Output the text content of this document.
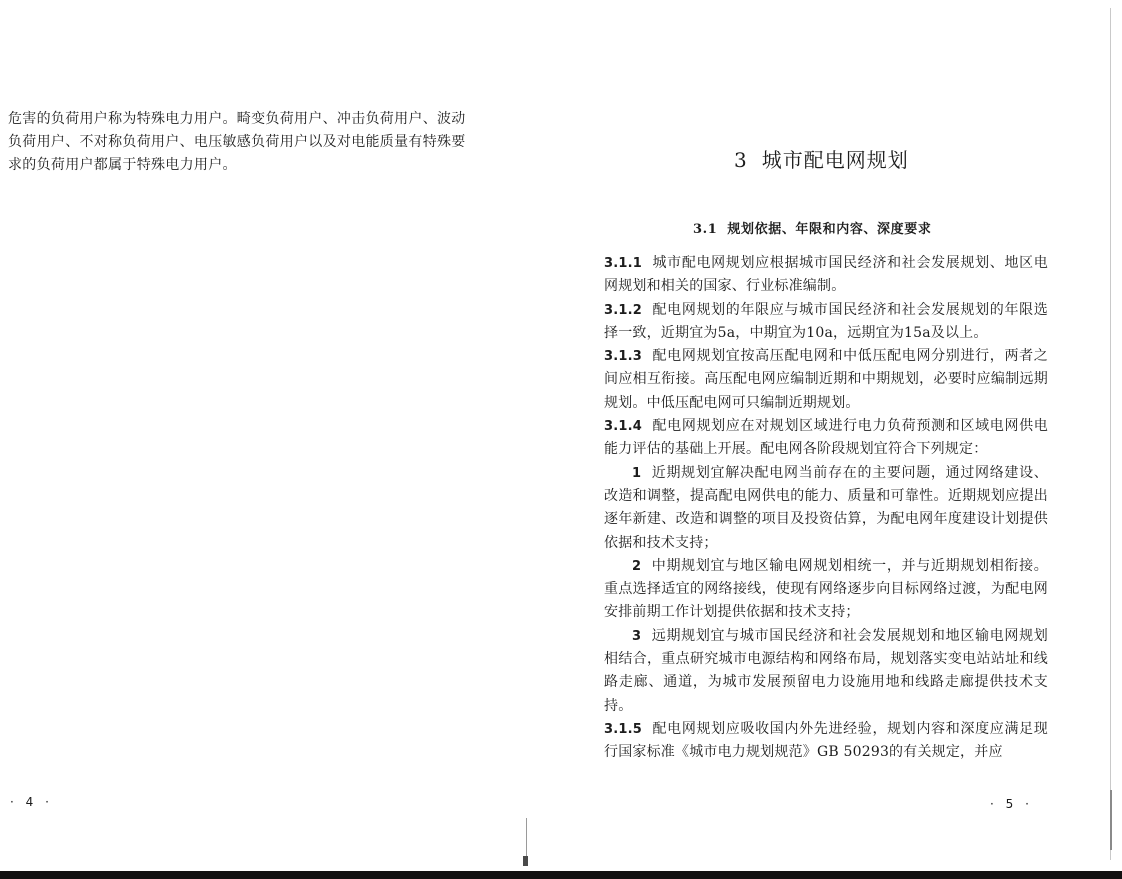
危害的负荷用户称为特殊电力用户。畸变负荷用户、冲击负荷用户、波动负荷用户、不对称负荷用户、电压敏感负荷用户以及对电能质量有特殊要求的负荷用户都属于特殊电力用户。

· 4 ·
3 城市配电网规划
3.1 规划依据、年限和内容、深度要求

3.1.1 城市配电网规划应根据城市国民经济和社会发展规划、地区电网规划和相关的国家、行业标准编制。

3.1.2 配电网规划的年限应与城市国民经济和社会发展规划的年限选择一致，近期宜为5a，中期宜为10a，远期宜为15a及以上。

3.1.3 配电网规划宜按高压配电网和中低压配电网分别进行，两者之间应相互衔接。高压配电网应编制近期和中期规划，必要时应编制远期规划。中低压配电网可只编制近期规划。

3.1.4 配电网规划应在对规划区域进行电力负荷预测和区域电网供电能力评估的基础上开展。配电网各阶段规划宜符合下列规定：

1 近期规划宜解决配电网当前存在的主要问题，通过网络建设、改造和调整，提高配电网供电的能力、质量和可靠性。近期规划应提出逐年新建、改造和调整的项目及投资估算，为配电网年度建设计划提供依据和技术支持；

2 中期规划宜与地区输电网规划相统一，并与近期规划相衔接。重点选择适宜的网络接线，使现有网络逐步向目标网络过渡，为配电网安排前期工作计划提供依据和技术支持；

3 远期规划宜与城市国民经济和社会发展规划和地区输电网规划相结合，重点研究城市电源结构和网络布局，规划落实变电站站址和线路走廊、通道，为城市发展预留电力设施用地和线路走廊提供技术支持。

3.1.5 配电网规划应吸收国内外先进经验，规划内容和深度应满足现行国家标准《城市电力规划规范》GB 50293的有关规定，并应

· 5 ·
